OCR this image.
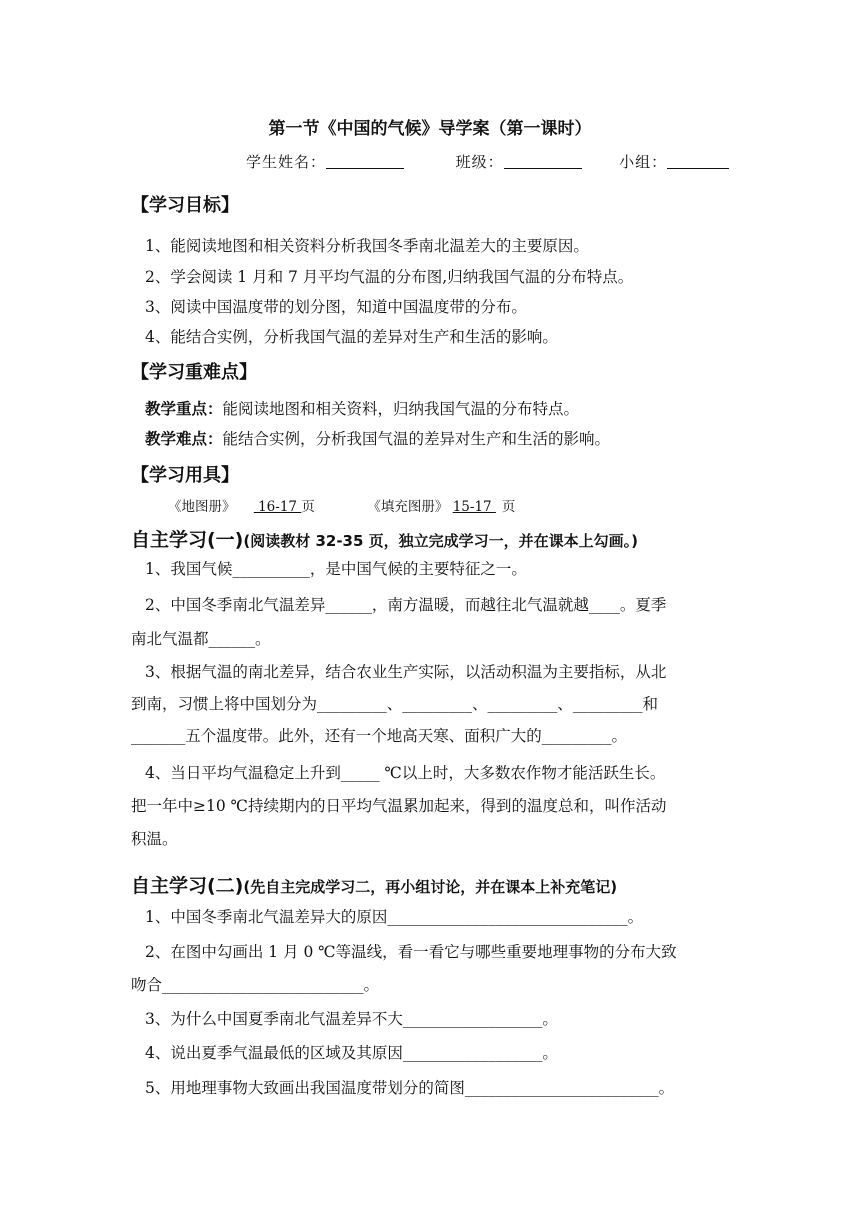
第一节《中国的气候》导学案（第一课时）
学生姓名：	班级：	小组：
【学习目标】
1、能阅读地图和相关资料分析我国冬季南北温差大的主要原因。
2、学会阅读 1 月和 7 月平均气温的分布图,归纳我国气温的分布特点。
3、阅读中国温度带的划分图，知道中国温度带的分布。
4、能结合实例，分析我国气温的差异对生产和生活的影响。
【学习重难点】
教学重点：能阅读地图和相关资料，归纳我国气温的分布特点。
教学难点：能结合实例，分析我国气温的差异对生产和生活的影响。
【学习用具】
《地图册》  16-17 页	《填充图册》 15-17 页
自主学习(一)(阅读教材 32-35 页，独立完成学习一，并在课本上勾画。)
1、我国气候__________，是中国气候的主要特征之一。
2、中国冬季南北气温差异______，南方温暖，而越往北气温就越____。夏季
南北气温都______。
3、根据气温的南北差异，结合农业生产实际，以活动积温为主要指标，从北
到南，习惯上将中国划分为_________、_________、_________、_________和
_______五个温度带。此外，还有一个地高天寒、面积广大的_________。
4、当日平均气温稳定上升到_____ ℃以上时，大多数农作物才能活跃生长。
把一年中≥10 ℃持续期内的日平均气温累加起来，得到的温度总和，叫作活动
积温。
自主学习(二)(先自主完成学习二，再小组讨论，并在课本上补充笔记)
1、中国冬季南北气温差异大的原因_______________________________。
2、在图中勾画出 1 月 0 ℃等温线，看一看它与哪些重要地理事物的分布大致
吻合__________________________。
3、为什么中国夏季南北气温差异不大__________________。
4、说出夏季气温最低的区域及其原因__________________。
5、用地理事物大致画出我国温度带划分的简图_________________________。
